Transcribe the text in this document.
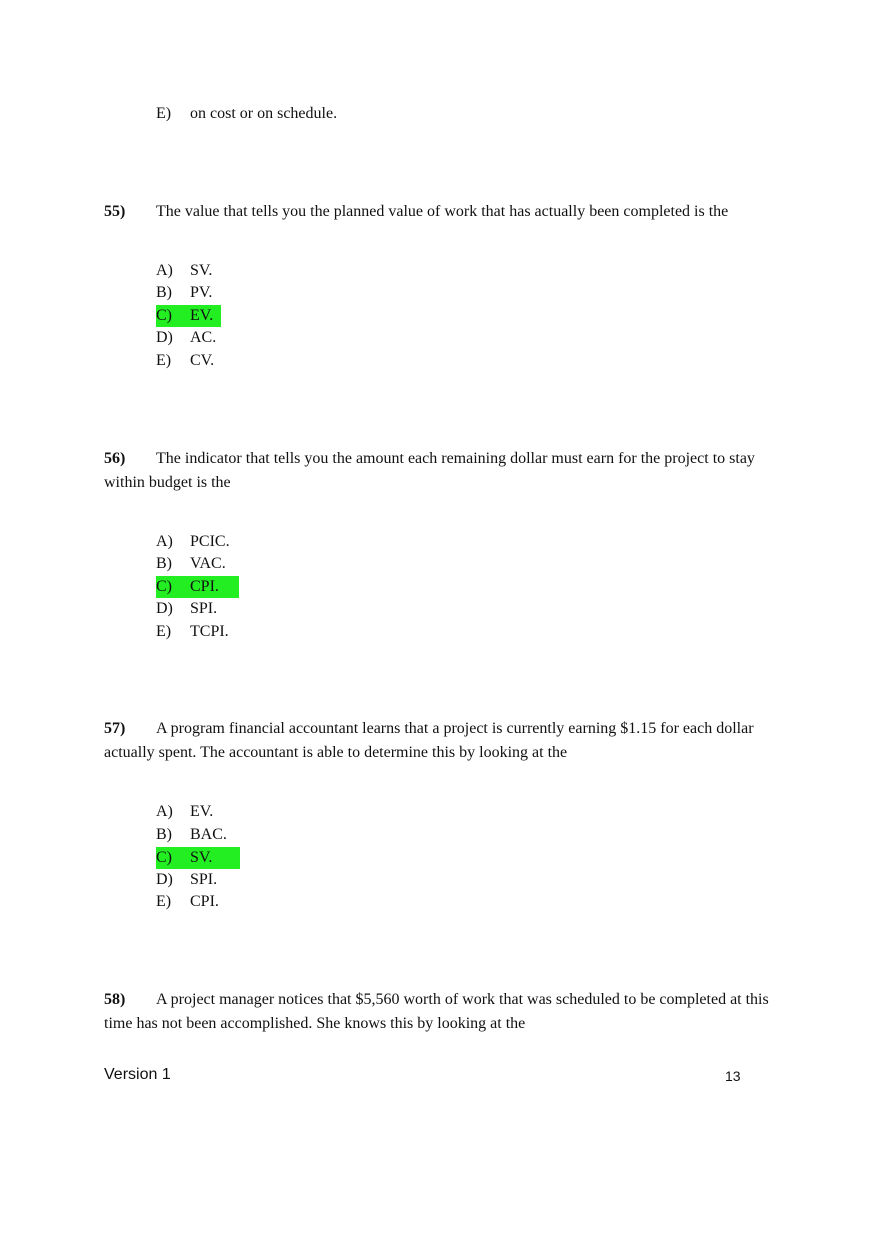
E) on cost or on schedule.
55) The value that tells you the planned value of work that has actually been completed is the
A) SV.
B) PV.
C) EV.
D) AC.
E) CV.
56) The indicator that tells you the amount each remaining dollar must earn for the project to stay within budget is the
A) PCIC.
B) VAC.
C) CPI.
D) SPI.
E) TCPI.
57) A program financial accountant learns that a project is currently earning $1.15 for each dollar actually spent. The accountant is able to determine this by looking at the
A) EV.
B) BAC.
C) SV.
D) SPI.
E) CPI.
58) A project manager notices that $5,560 worth of work that was scheduled to be completed at this time has not been accomplished. She knows this by looking at the
Version 1	13
